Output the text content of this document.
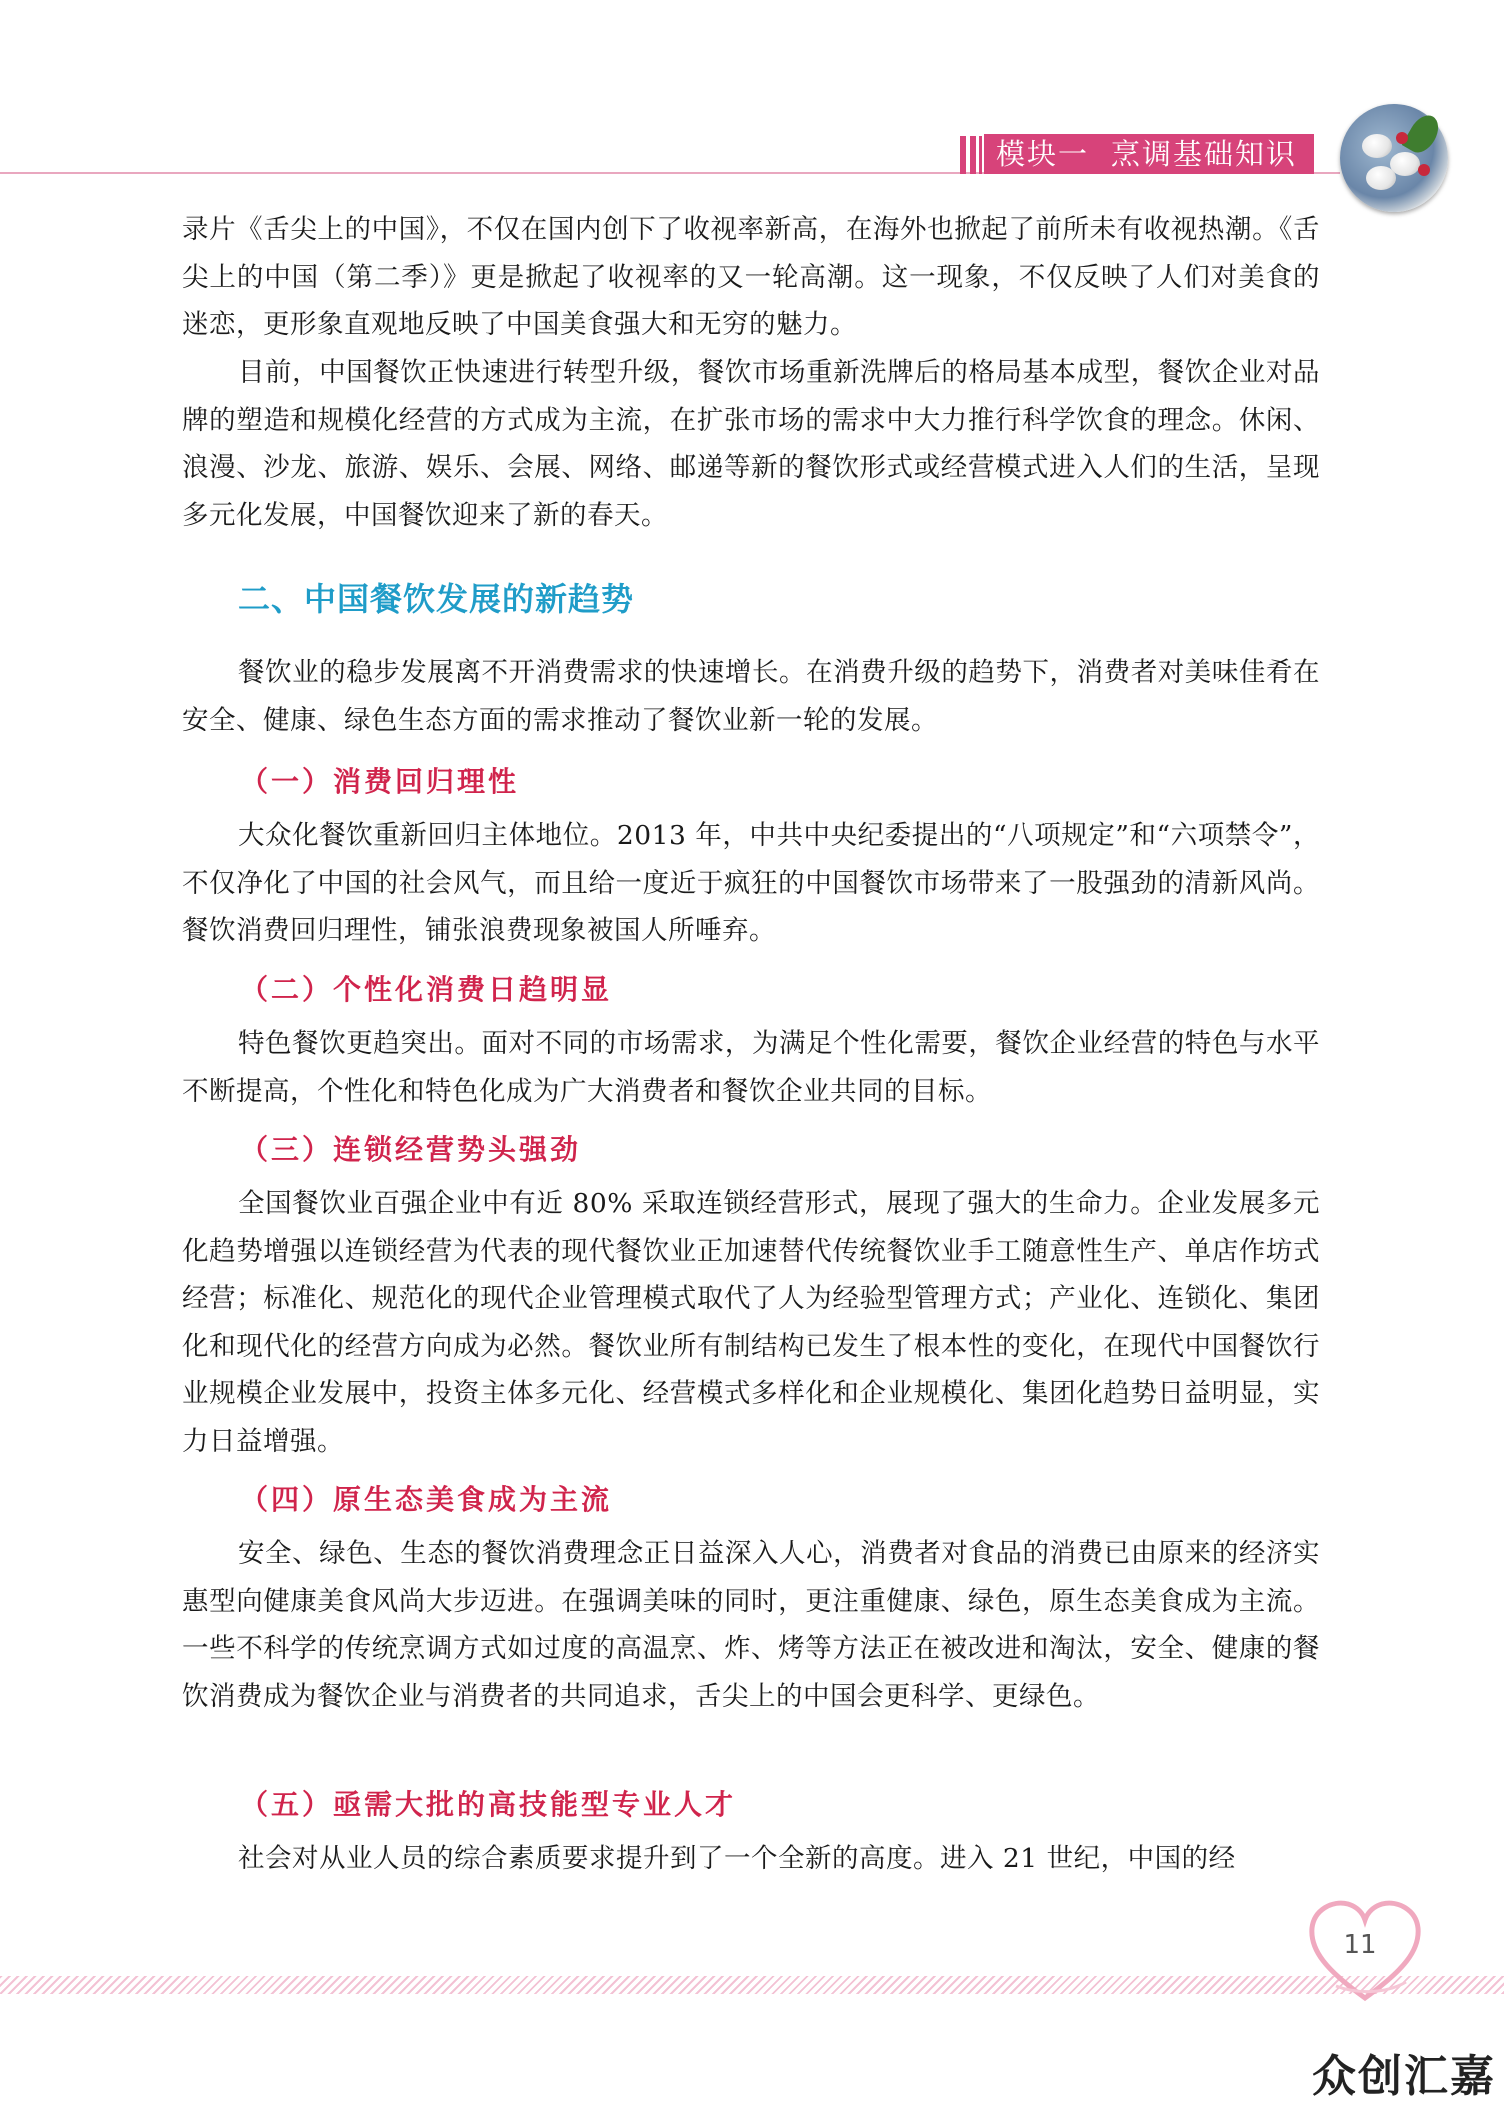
模块一 烹调基础知识

录片《舌尖上的中国》，不仅在国内创下了收视率新高，在海外也掀起了前所未有收视热潮。《舌尖上的中国（第二季）》更是掀起了收视率的又一轮高潮。这一现象，不仅反映了人们对美食的迷恋，更形象直观地反映了中国美食强大和无穷的魅力。

目前，中国餐饮正快速进行转型升级，餐饮市场重新洗牌后的格局基本成型，餐饮企业对品牌的塑造和规模化经营的方式成为主流，在扩张市场的需求中大力推行科学饮食的理念。休闲、浪漫、沙龙、旅游、娱乐、会展、网络、邮递等新的餐饮形式或经营模式进入人们的生活，呈现多元化发展，中国餐饮迎来了新的春天。

二、中国餐饮发展的新趋势

餐饮业的稳步发展离不开消费需求的快速增长。在消费升级的趋势下，消费者对美味佳肴在安全、健康、绿色生态方面的需求推动了餐饮业新一轮的发展。

（一）消费回归理性

大众化餐饮重新回归主体地位。2013 年，中共中央纪委提出的“八项规定”和“六项禁令”，不仅净化了中国的社会风气，而且给一度近于疯狂的中国餐饮市场带来了一股强劲的清新风尚。餐饮消费回归理性，铺张浪费现象被国人所唾弃。

（二）个性化消费日趋明显

特色餐饮更趋突出。面对不同的市场需求，为满足个性化需要，餐饮企业经营的特色与水平不断提高，个性化和特色化成为广大消费者和餐饮企业共同的目标。

（三）连锁经营势头强劲

全国餐饮业百强企业中有近 80% 采取连锁经营形式，展现了强大的生命力。企业发展多元化趋势增强以连锁经营为代表的现代餐饮业正加速替代传统餐饮业手工随意性生产、单店作坊式经营；标准化、规范化的现代企业管理模式取代了人为经验型管理方式；产业化、连锁化、集团化和现代化的经营方向成为必然。餐饮业所有制结构已发生了根本性的变化，在现代中国餐饮行业规模企业发展中，投资主体多元化、经营模式多样化和企业规模化、集团化趋势日益明显，实力日益增强。

（四）原生态美食成为主流

安全、绿色、生态的餐饮消费理念正日益深入人心，消费者对食品的消费已由原来的经济实惠型向健康美食风尚大步迈进。在强调美味的同时，更注重健康、绿色，原生态美食成为主流。一些不科学的传统烹调方式如过度的高温烹、炸、烤等方法正在被改进和淘汰，安全、健康的餐饮消费成为餐饮企业与消费者的共同追求，舌尖上的中国会更科学、更绿色。

（五）亟需大批的高技能型专业人才

社会对从业人员的综合素质要求提升到了一个全新的高度。进入 21 世纪，中国的经

11
众创汇嘉
